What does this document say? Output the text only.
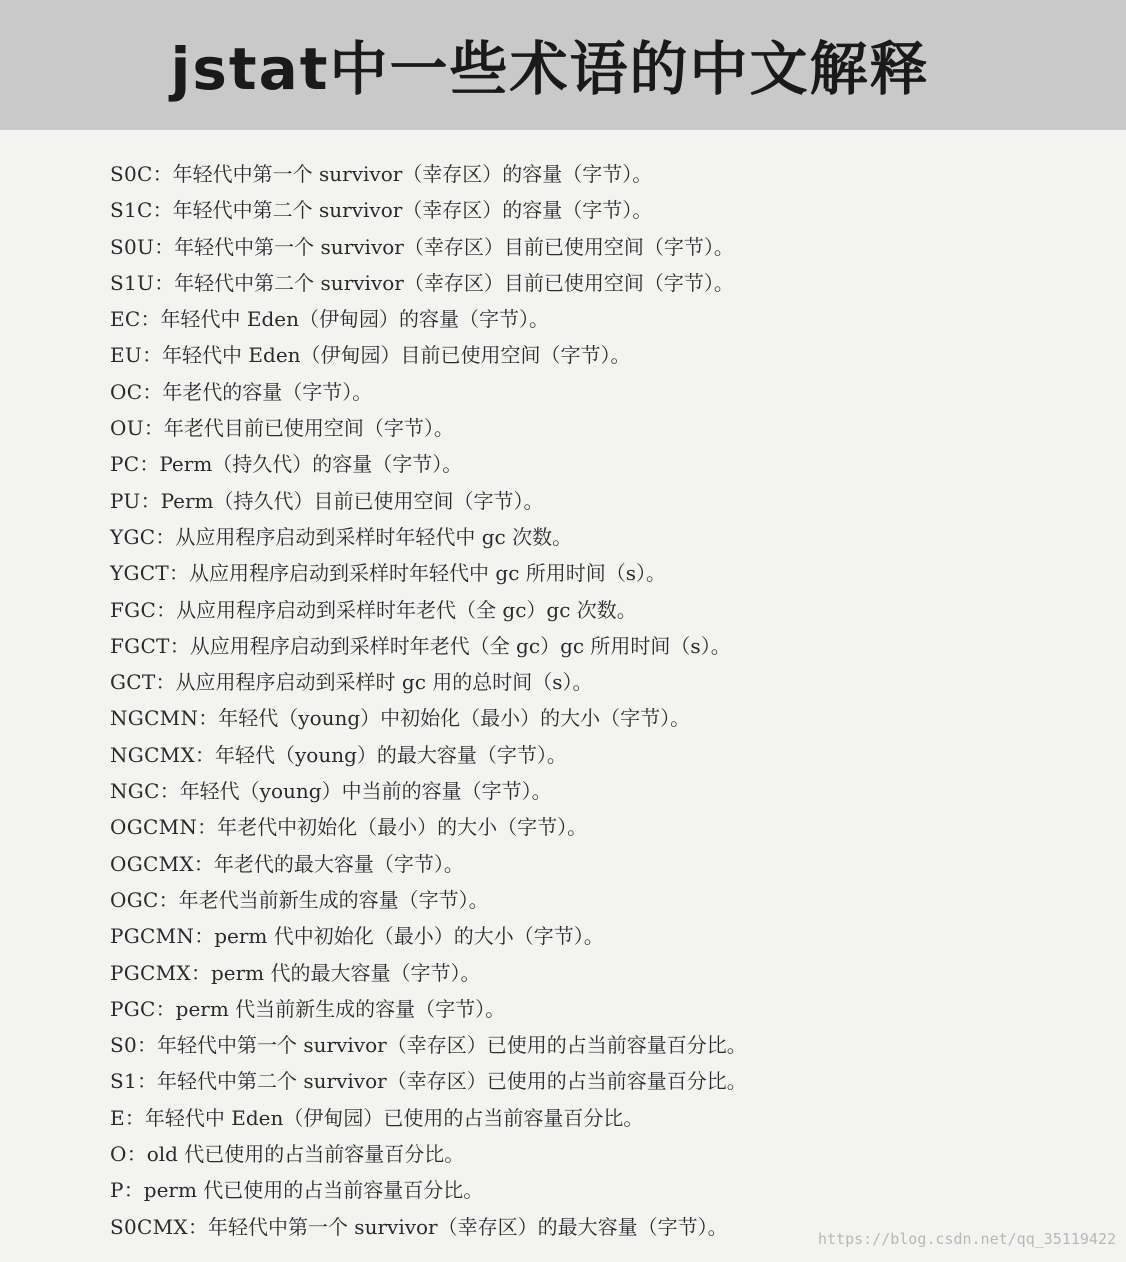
jstat中一些术语的中文解释
S0C：年轻代中第一个 survivor（幸存区）的容量（字节）。
S1C：年轻代中第二个 survivor（幸存区）的容量（字节）。
S0U：年轻代中第一个 survivor（幸存区）目前已使用空间（字节）。
S1U：年轻代中第二个 survivor（幸存区）目前已使用空间（字节）。
EC：年轻代中 Eden（伊甸园）的容量（字节）。
EU：年轻代中 Eden（伊甸园）目前已使用空间（字节）。
OC：年老代的容量（字节）。
OU：年老代目前已使用空间（字节）。
PC：Perm（持久代）的容量（字节）。
PU：Perm（持久代）目前已使用空间（字节）。
YGC：从应用程序启动到采样时年轻代中 gc 次数。
YGCT：从应用程序启动到采样时年轻代中 gc 所用时间（s）。
FGC：从应用程序启动到采样时年老代（全 gc）gc 次数。
FGCT：从应用程序启动到采样时年老代（全 gc）gc 所用时间（s）。
GCT：从应用程序启动到采样时 gc 用的总时间（s）。
NGCMN：年轻代（young）中初始化（最小）的大小（字节）。
NGCMX：年轻代（young）的最大容量（字节）。
NGC：年轻代（young）中当前的容量（字节）。
OGCMN：年老代中初始化（最小）的大小（字节）。
OGCMX：年老代的最大容量（字节）。
OGC：年老代当前新生成的容量（字节）。
PGCMN：perm 代中初始化（最小）的大小（字节）。
PGCMX：perm 代的最大容量（字节）。
PGC：perm 代当前新生成的容量（字节）。
S0：年轻代中第一个 survivor（幸存区）已使用的占当前容量百分比。
S1：年轻代中第二个 survivor（幸存区）已使用的占当前容量百分比。
E：年轻代中 Eden（伊甸园）已使用的占当前容量百分比。
O：old 代已使用的占当前容量百分比。
P：perm 代已使用的占当前容量百分比。
S0CMX：年轻代中第一个 survivor（幸存区）的最大容量（字节）。
https://blog.csdn.net/qq_35119422
